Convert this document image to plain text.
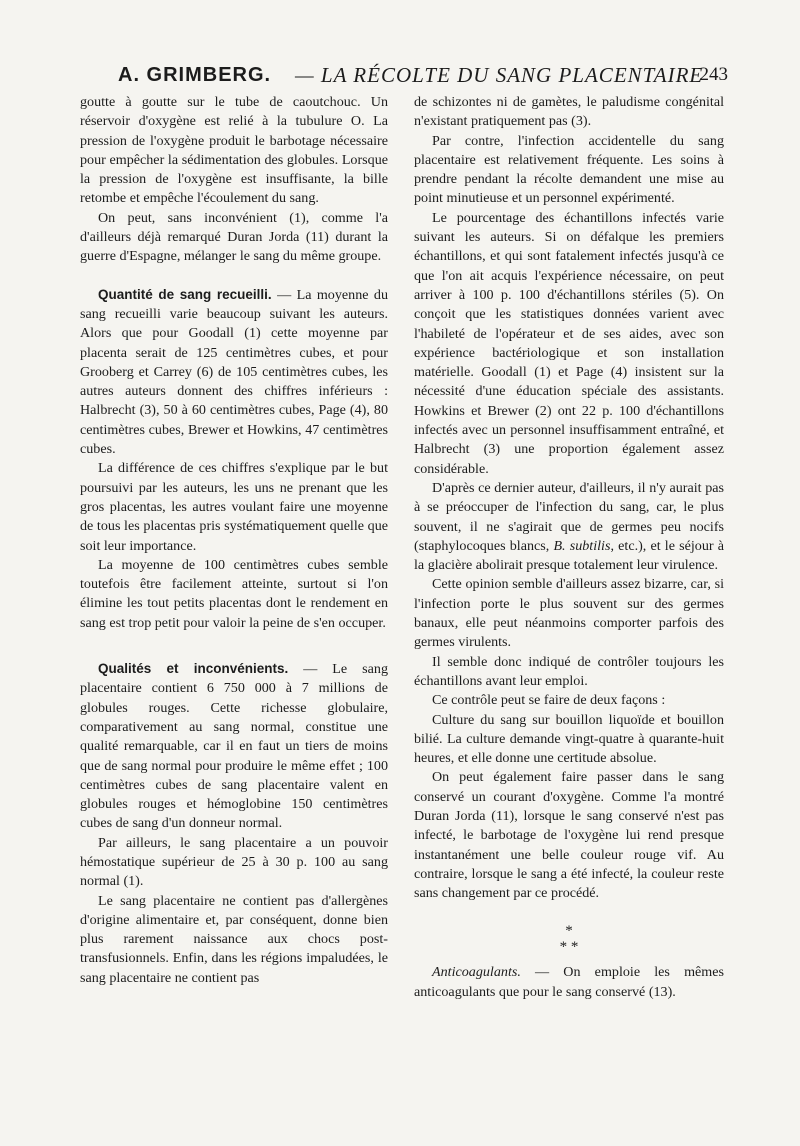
A. GRIMBERG. — LA RÉCOLTE DU SANG PLACENTAIRE
243

goutte à goutte sur le tube de caoutchouc. Un réservoir d'oxygène est relié à la tubulure O. La pression de l'oxygène produit le barbotage nécessaire pour empêcher la sédimentation des globules. Lorsque la pression de l'oxygène est insuffisante, la bille retombe et empêche l'écoulement du sang.

On peut, sans inconvénient (1), comme l'a d'ailleurs déjà remarqué Duran Jorda (11) durant la guerre d'Espagne, mélanger le sang du même groupe.

Quantité de sang recueilli. — La moyenne du sang recueilli varie beaucoup suivant les auteurs. Alors que pour Goodall (1) cette moyenne par placenta serait de 125 centimètres cubes, et pour Grooberg et Carrey (6) de 105 centimètres cubes, les autres auteurs donnent des chiffres inférieurs : Halbrecht (3), 50 à 60 centimètres cubes, Page (4), 80 centimètres cubes, Brewer et Howkins, 47 centimètres cubes.

La différence de ces chiffres s'explique par le but poursuivi par les auteurs, les uns ne prenant que les gros placentas, les autres voulant faire une moyenne de tous les placentas pris systématiquement quelle que soit leur importance.

La moyenne de 100 centimètres cubes semble toutefois être facilement atteinte, surtout si l'on élimine les tout petits placentas dont le rendement en sang est trop petit pour valoir la peine de s'en occuper.

Qualités et inconvénients. — Le sang placentaire contient 6 750 000 à 7 millions de globules rouges. Cette richesse globulaire, comparativement au sang normal, constitue une qualité remarquable, car il en faut un tiers de moins que de sang normal pour produire le même effet ; 100 centimètres cubes de sang placentaire valent en globules rouges et hémoglobine 150 centimètres cubes de sang d'un donneur normal.

Par ailleurs, le sang placentaire a un pouvoir hémostatique supérieur de 25 à 30 p. 100 au sang normal (1).

Le sang placentaire ne contient pas d'allergènes d'origine alimentaire et, par conséquent, donne bien plus rarement naissance aux chocs post-transfusionnels. Enfin, dans les régions impaludées, le sang placentaire ne contient pas

de schizontes ni de gamètes, le paludisme congénital n'existant pratiquement pas (3).

Par contre, l'infection accidentelle du sang placentaire est relativement fréquente. Les soins à prendre pendant la récolte demandent une mise au point minutieuse et un personnel expérimenté.

Le pourcentage des échantillons infectés varie suivant les auteurs. Si on défalque les premiers échantillons, et qui sont fatalement infectés jusqu'à ce que l'on ait acquis l'expérience nécessaire, on peut arriver à 100 p. 100 d'échantillons stériles (5). On conçoit que les statistiques données varient avec l'habileté de l'opérateur et de ses aides, avec son expérience bactériologique et son installation matérielle. Goodall (1) et Page (4) insistent sur la nécessité d'une éducation spéciale des assistants. Howkins et Brewer (2) ont 22 p. 100 d'échantillons infectés avec un personnel insuffisamment entraîné, et Halbrecht (3) une proportion également assez considérable.

D'après ce dernier auteur, d'ailleurs, il n'y aurait pas à se préoccuper de l'infection du sang, car, le plus souvent, il ne s'agirait que de germes peu nocifs (staphylocoques blancs, B. subtilis, etc.), et le séjour à la glacière abolirait presque totalement leur virulence.

Cette opinion semble d'ailleurs assez bizarre, car, si l'infection porte le plus souvent sur des germes banaux, elle peut néanmoins comporter parfois des germes virulents.

Il semble donc indiqué de contrôler toujours les échantillons avant leur emploi.

Ce contrôle peut se faire de deux façons :

Culture du sang sur bouillon liquoïde et bouillon bilié. La culture demande vingt-quatre à quarante-huit heures, et elle donne une certitude absolue.

On peut également faire passer dans le sang conservé un courant d'oxygène. Comme l'a montré Duran Jorda (11), lorsque le sang conservé n'est pas infecté, le barbotage de l'oxygène lui rend presque instantanément une belle couleur rouge vif. Au contraire, lorsque le sang a été infecté, la couleur reste sans changement par ce procédé.

*
* *

Anticoagulants. — On emploie les mêmes anticoagulants que pour le sang conservé (13).
